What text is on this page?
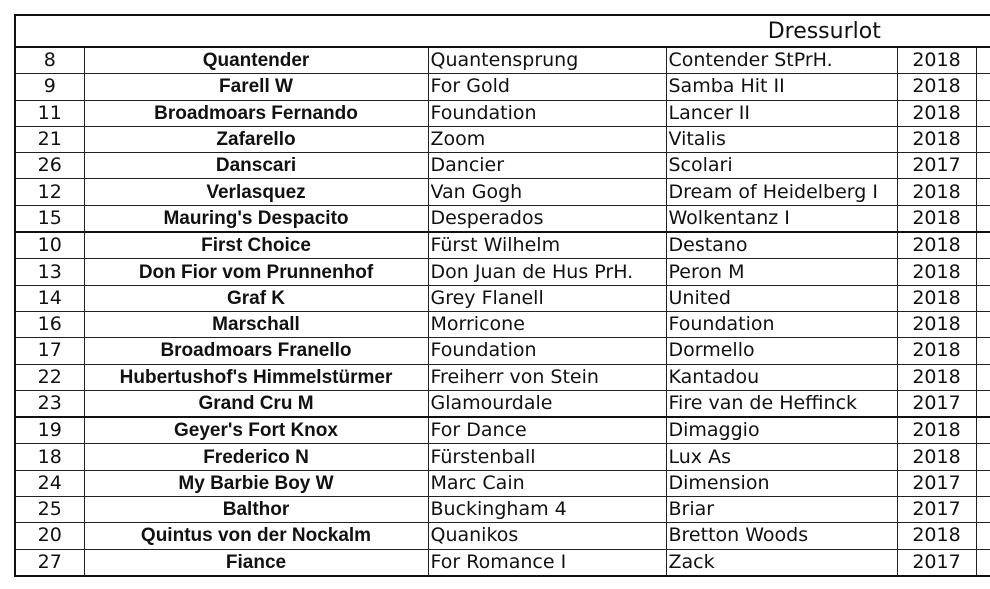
Dressurlot					
8	Quantender	Quantensprung	Contender StPrH.	2018	
9	Farell W	For Gold	Samba Hit II	2018	
11	Broadmoars Fernando	Foundation	Lancer II	2018	
21	Zafarello	Zoom	Vitalis	2018	
26	Danscari	Dancier	Scolari	2017	
12	Verlasquez	Van Gogh	Dream of Heidelberg I	2018	
15	Mauring's Despacito	Desperados	Wolkentanz I	2018	
10	First Choice	Fürst Wilhelm	Destano	2018	
13	Don Fior vom Prunnenhof	Don Juan de Hus PrH.	Peron M	2018	
14	Graf K	Grey Flanell	United	2018	
16	Marschall	Morricone	Foundation	2018	
17	Broadmoars Franello	Foundation	Dormello	2018	
22	Hubertushof's Himmelstürmer	Freiherr von Stein	Kantadou	2018	
23	Grand Cru M	Glamourdale	Fire van de Heffinck	2017	
19	Geyer's Fort Knox	For Dance	Dimaggio	2018	
18	Frederico N	Fürstenball	Lux As	2018	
24	My Barbie Boy W	Marc Cain	Dimension	2017	
25	Balthor	Buckingham 4	Briar	2017	
20	Quintus von der Nockalm	Quanikos	Bretton Woods	2018	
27	Fiance	For Romance I	Zack	2017	
